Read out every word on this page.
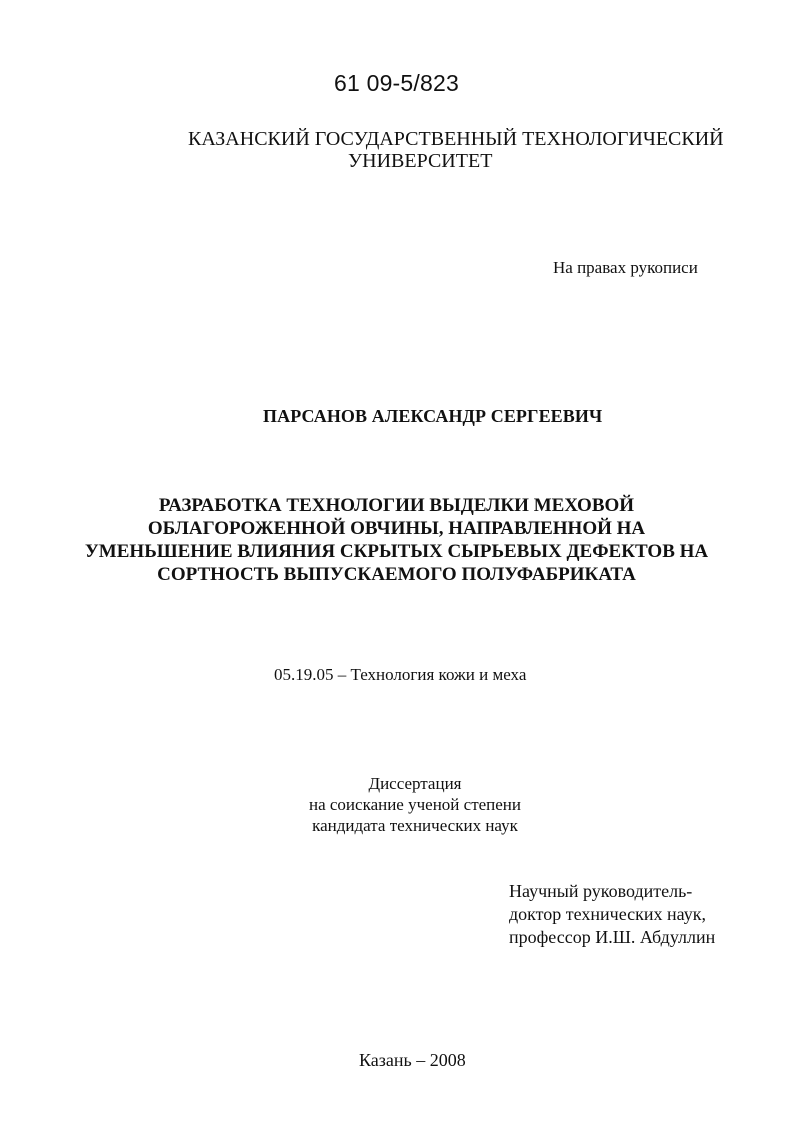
61 09-5/823
КАЗАНСКИЙ ГОСУДАРСТВЕННЫЙ ТЕХНОЛОГИЧЕСКИЙ
УНИВЕРСИТЕТ
На правах рукописи
ПАРСАНОВ АЛЕКСАНДР СЕРГЕЕВИЧ
РАЗРАБОТКА ТЕХНОЛОГИИ ВЫДЕЛКИ МЕХОВОЙ
ОБЛАГОРОЖЕННОЙ ОВЧИНЫ, НАПРАВЛЕННОЙ НА
УМЕНЬШЕНИЕ ВЛИЯНИЯ СКРЫТЫХ СЫРЬЕВЫХ ДЕФЕКТОВ НА
СОРТНОСТЬ ВЫПУСКАЕМОГО ПОЛУФАБРИКАТА
05.19.05 – Технология кожи и меха
Диссертация
на соискание ученой степени
кандидата технических наук
Научный руководитель-
доктор технических наук,
профессор И.Ш. Абдуллин
Казань – 2008
